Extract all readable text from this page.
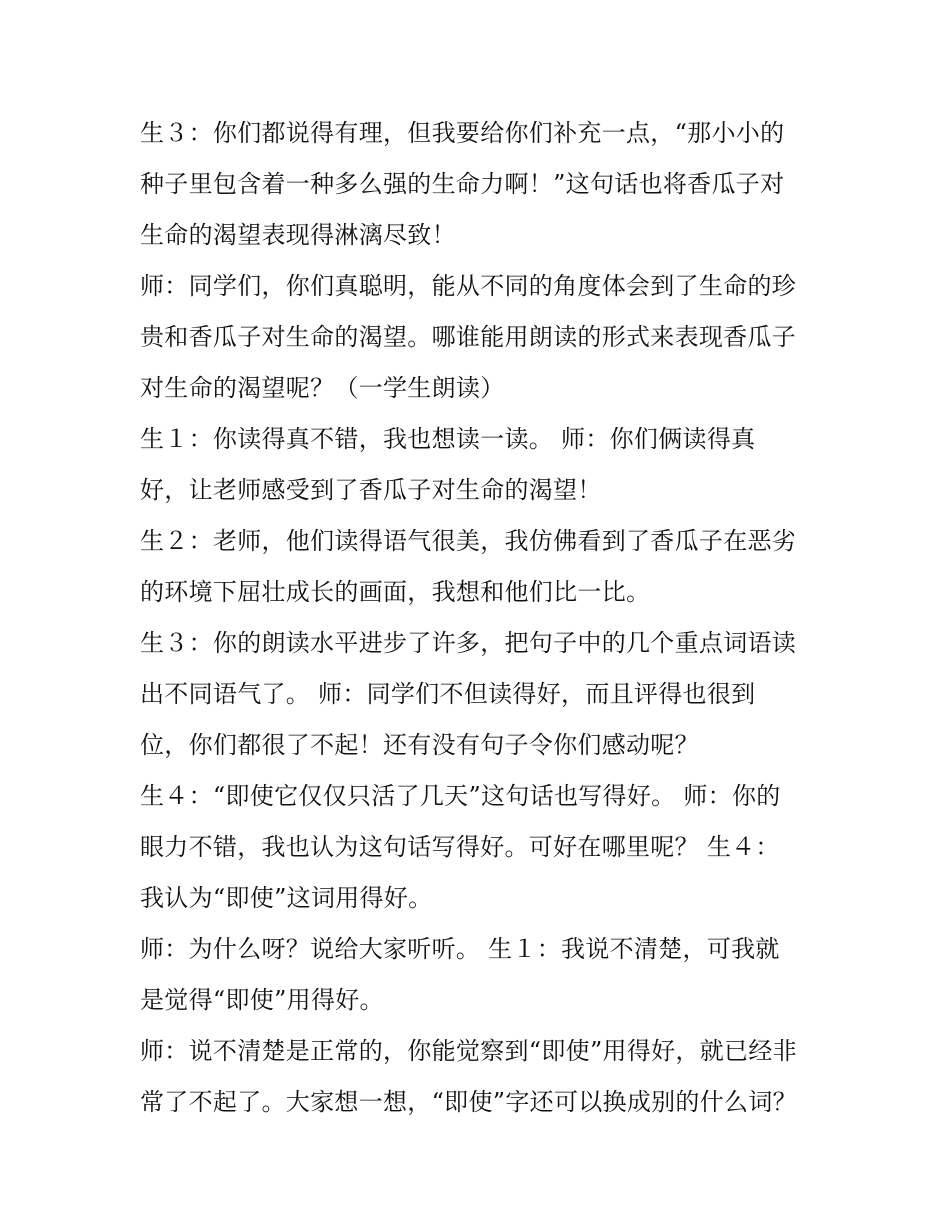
生３：你们都说得有理，但我要给你们补充一点，“那小小的
种子里包含着一种多么强的生命力啊！”这句话也将香瓜子对
生命的渴望表现得淋漓尽致！
师：同学们，你们真聪明，能从不同的角度体会到了生命的珍
贵和香瓜子对生命的渴望。哪谁能用朗读的形式来表现香瓜子
对生命的渴望呢？（一学生朗读）
生１：你读得真不错，我也想读一读。 师：你们俩读得真
好，让老师感受到了香瓜子对生命的渴望！
生２：老师，他们读得语气很美，我仿佛看到了香瓜子在恶劣
的环境下屈壮成长的画面，我想和他们比一比。
生３：你的朗读水平进步了许多，把句子中的几个重点词语读
出不同语气了。 师：同学们不但读得好，而且评得也很到
位，你们都很了不起！还有没有句子令你们感动呢？
生４：“即使它仅仅只活了几天”这句话也写得好。 师：你的
眼力不错，我也认为这句话写得好。可好在哪里呢？ 生４：
我认为“即使”这词用得好。
师：为什么呀？说给大家听听。 生１：我说不清楚，可我就
是觉得“即使”用得好。
师：说不清楚是正常的，你能觉察到“即使”用得好，就已经非
常了不起了。大家想一想，“即使”字还可以换成别的什么词？
